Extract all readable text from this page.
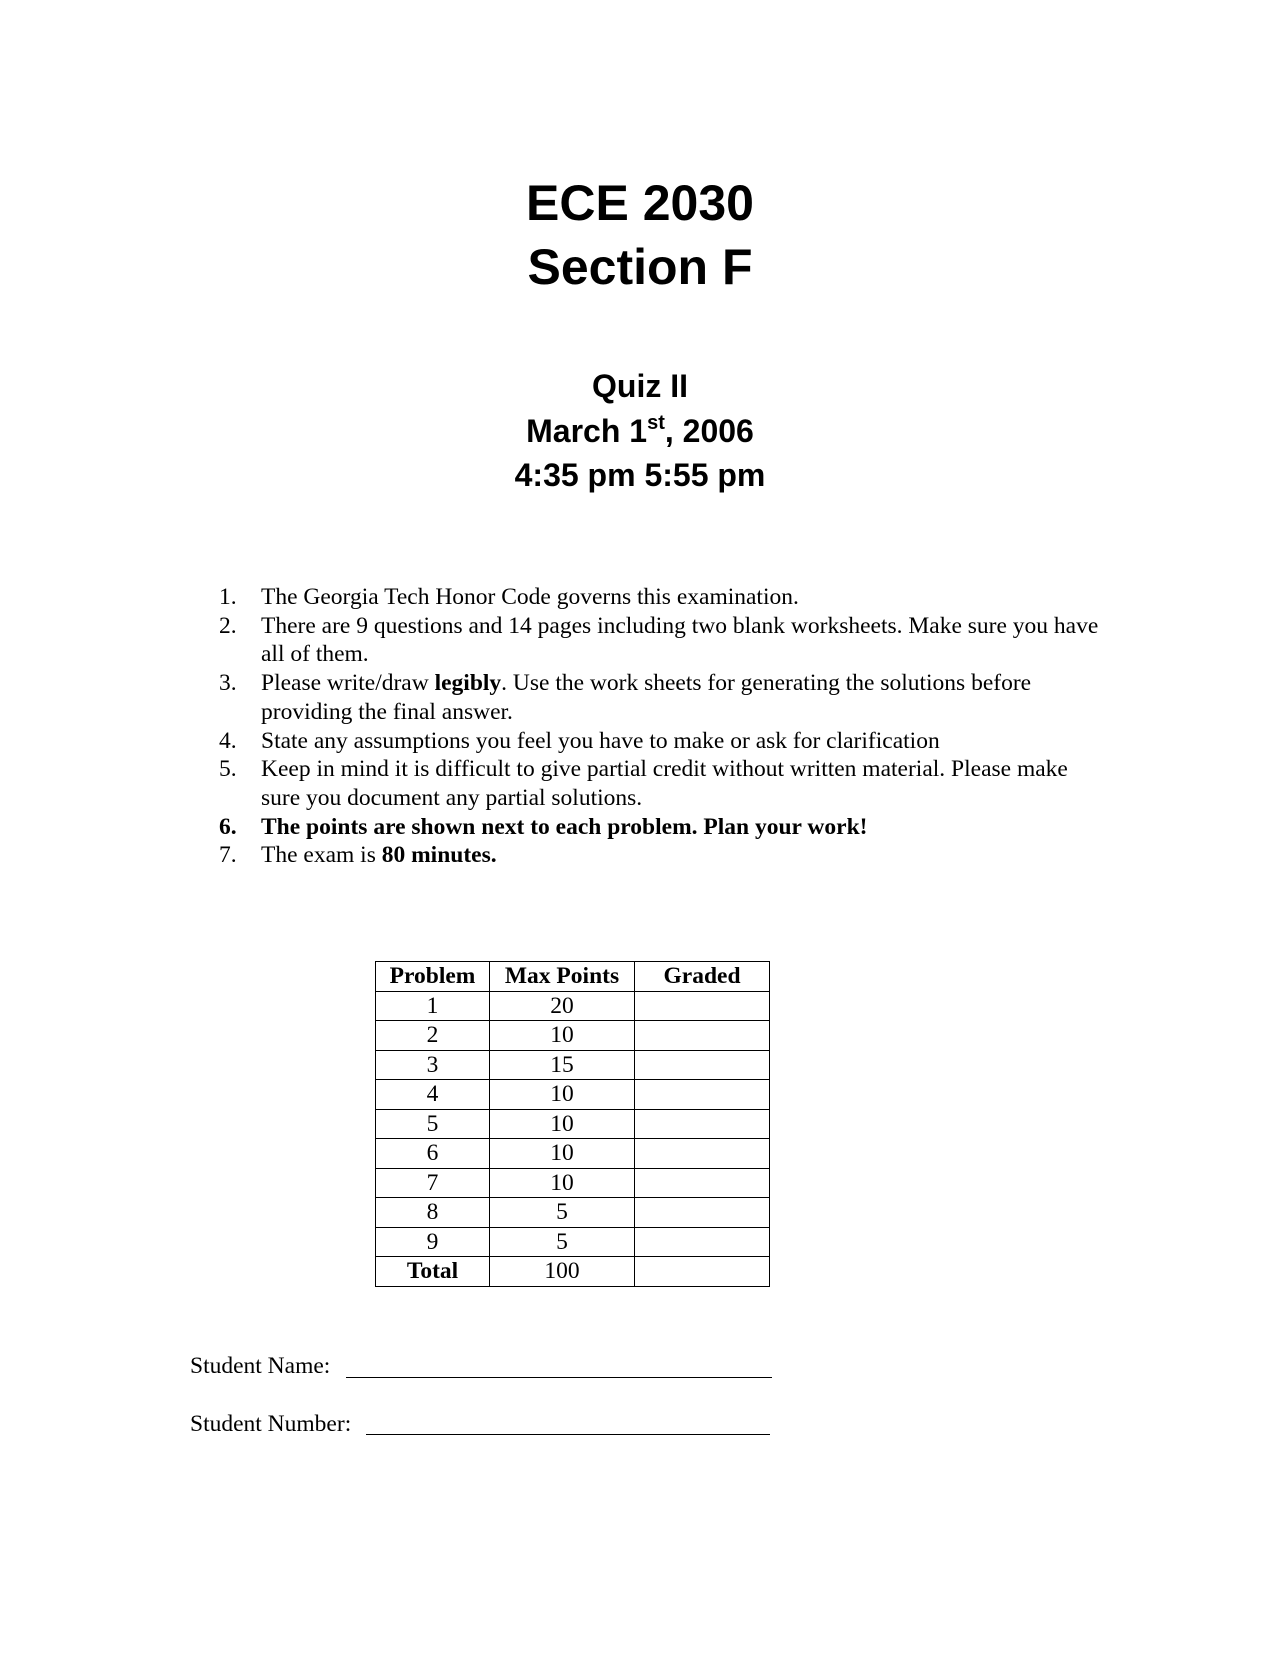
ECE 2030
Section F
Quiz II
March 1st, 2006
4:35 pm 5:55 pm
1.	The Georgia Tech Honor Code governs this examination.
2.	There are 9 questions and 14 pages including two blank worksheets. Make sure you have all of them.
3.	Please write/draw legibly. Use the work sheets for generating the solutions before providing the final answer.
4.	State any assumptions you feel you have to make or ask for clarification
5.	Keep in mind it is difficult to give partial credit without written material. Please make sure you document any partial solutions.
6.	The points are shown next to each problem. Plan your work!
7.	The exam is 80 minutes.
Problem	Max Points	Graded
1	20	
2	10	
3	15	
4	10	
5	10	
6	10	
7	10	
8	5	
9	5	
Total	100	
Student Name:
Student Number:
